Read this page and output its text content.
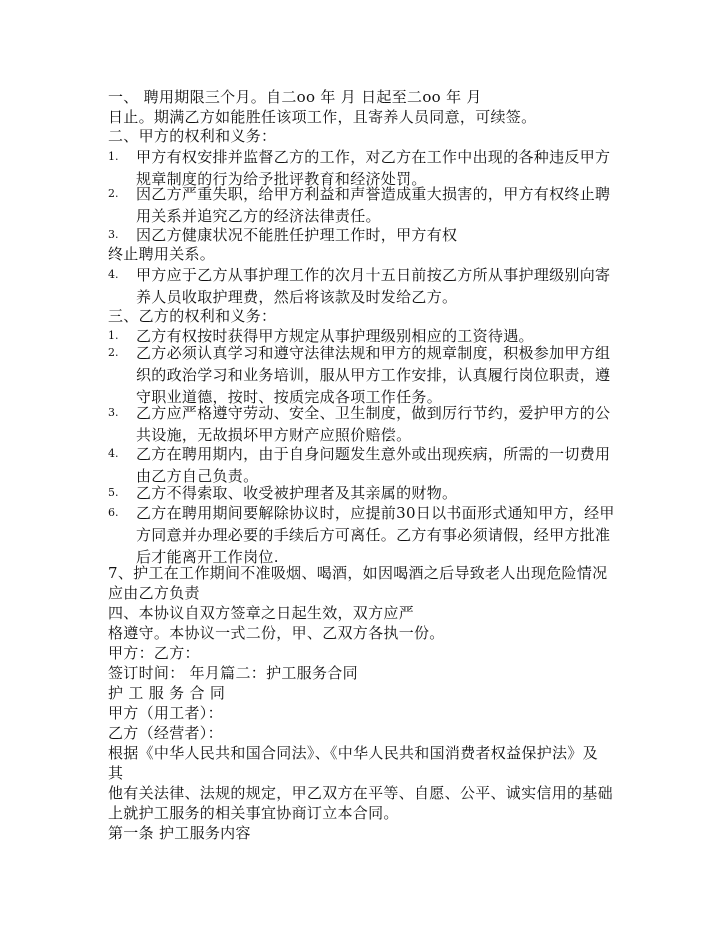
一、 聘用期限三个月。自二oo 年 月 日起至二oo 年 月
日止。期满乙方如能胜任该项工作，且寄养人员同意，可续签。
二、甲方的权利和义务：
1.	甲方有权安排并监督乙方的工作，对乙方在工作中出现的各种违反甲方规章制度的行为给予批评教育和经济处罚。
2.	因乙方严重失职，给甲方利益和声誉造成重大损害的，甲方有权终止聘用关系并追究乙方的经济法律责任。
3.	因乙方健康状况不能胜任护理工作时，甲方有权
终止聘用关系。
4.	甲方应于乙方从事护理工作的次月十五日前按乙方所从事护理级别向寄养人员收取护理费，然后将该款及时发给乙方。
三、乙方的权利和义务：
1.	乙方有权按时获得甲方规定从事护理级别相应的工资待遇。
2.	乙方必须认真学习和遵守法律法规和甲方的规章制度，积极参加甲方组织的政治学习和业务培训，服从甲方工作安排，认真履行岗位职责，遵守职业道德，按时、按质完成各项工作任务。
3.	乙方应严格遵守劳动、安全、卫生制度，做到厉行节约，爱护甲方的公共设施，无故损坏甲方财产应照价赔偿。
4.	乙方在聘用期内，由于自身问题发生意外或出现疾病，所需的一切费用由乙方自己负责。
5.	乙方不得索取、收受被护理者及其亲属的财物。
6.	乙方在聘用期间要解除协议时，应提前30日以书面形式通知甲方，经甲方同意并办理必要的手续后方可离任。乙方有事必须请假，经甲方批准后才能离开工作岗位.
7、护工在工作期间不准吸烟、喝酒，如因喝酒之后导致老人出现危险情况
应由乙方负责
四、本协议自双方签章之日起生效，双方应严
格遵守。本协议一式二份，甲、乙双方各执一份。
甲方：乙方：
签订时间： 年月篇二：护工服务合同
护 工 服 务 合 同
甲方（用工者）：
乙方（经营者）：
根据《中华人民共和国合同法》、《中华人民共和国消费者权益保护法》及
其
他有关法律、法规的规定，甲乙双方在平等、自愿、公平、诚实信用的基础
上就护工服务的相关事宜协商订立本合同。
第一条 护工服务内容
